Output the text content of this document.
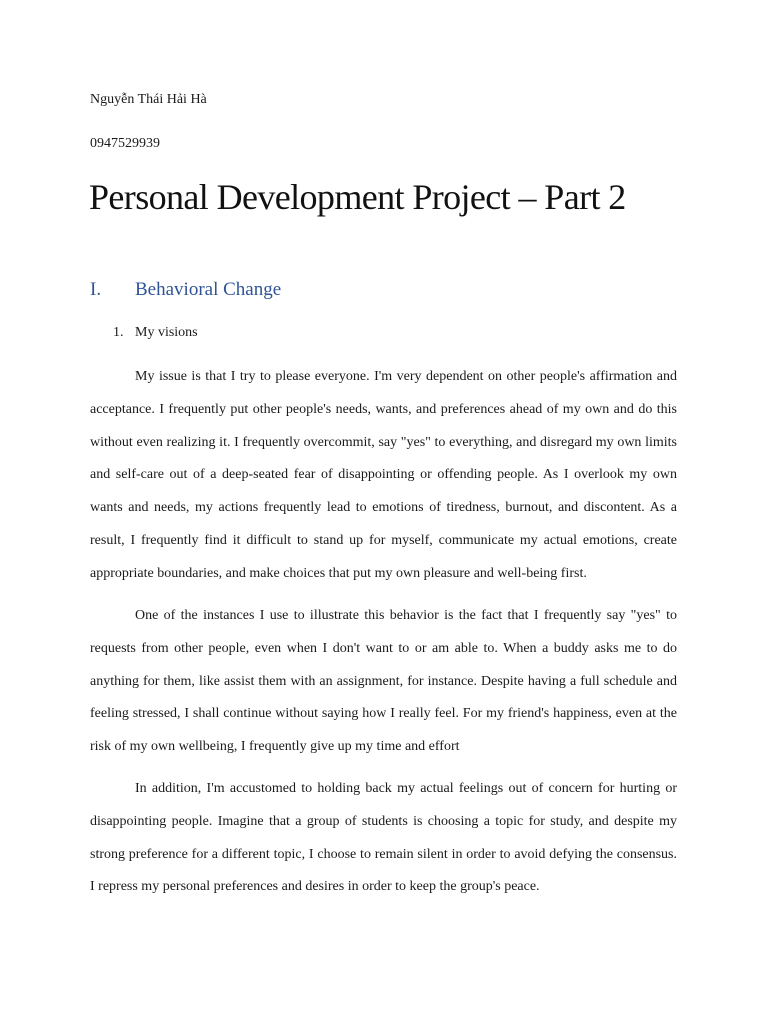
Nguyễn Thái Hải Hà
0947529939
Personal Development Project – Part 2
I. Behavioral Change
1. My visions

My issue is that I try to please everyone. I'm very dependent on other people's affirmation and acceptance. I frequently put other people's needs, wants, and preferences ahead of my own and do this without even realizing it. I frequently overcommit, say "yes" to everything, and disregard my own limits and self-care out of a deep-seated fear of disappointing or offending people. As I overlook my own wants and needs, my actions frequently lead to emotions of tiredness, burnout, and discontent. As a result, I frequently find it difficult to stand up for myself, communicate my actual emotions, create appropriate boundaries, and make choices that put my own pleasure and well-being first.

One of the instances I use to illustrate this behavior is the fact that I frequently say "yes" to requests from other people, even when I don't want to or am able to. When a buddy asks me to do anything for them, like assist them with an assignment, for instance. Despite having a full schedule and feeling stressed, I shall continue without saying how I really feel. For my friend's happiness, even at the risk of my own wellbeing, I frequently give up my time and effort

In addition, I'm accustomed to holding back my actual feelings out of concern for hurting or disappointing people. Imagine that a group of students is choosing a topic for study, and despite my strong preference for a different topic, I choose to remain silent in order to avoid defying the consensus. I repress my personal preferences and desires in order to keep the group's peace.
